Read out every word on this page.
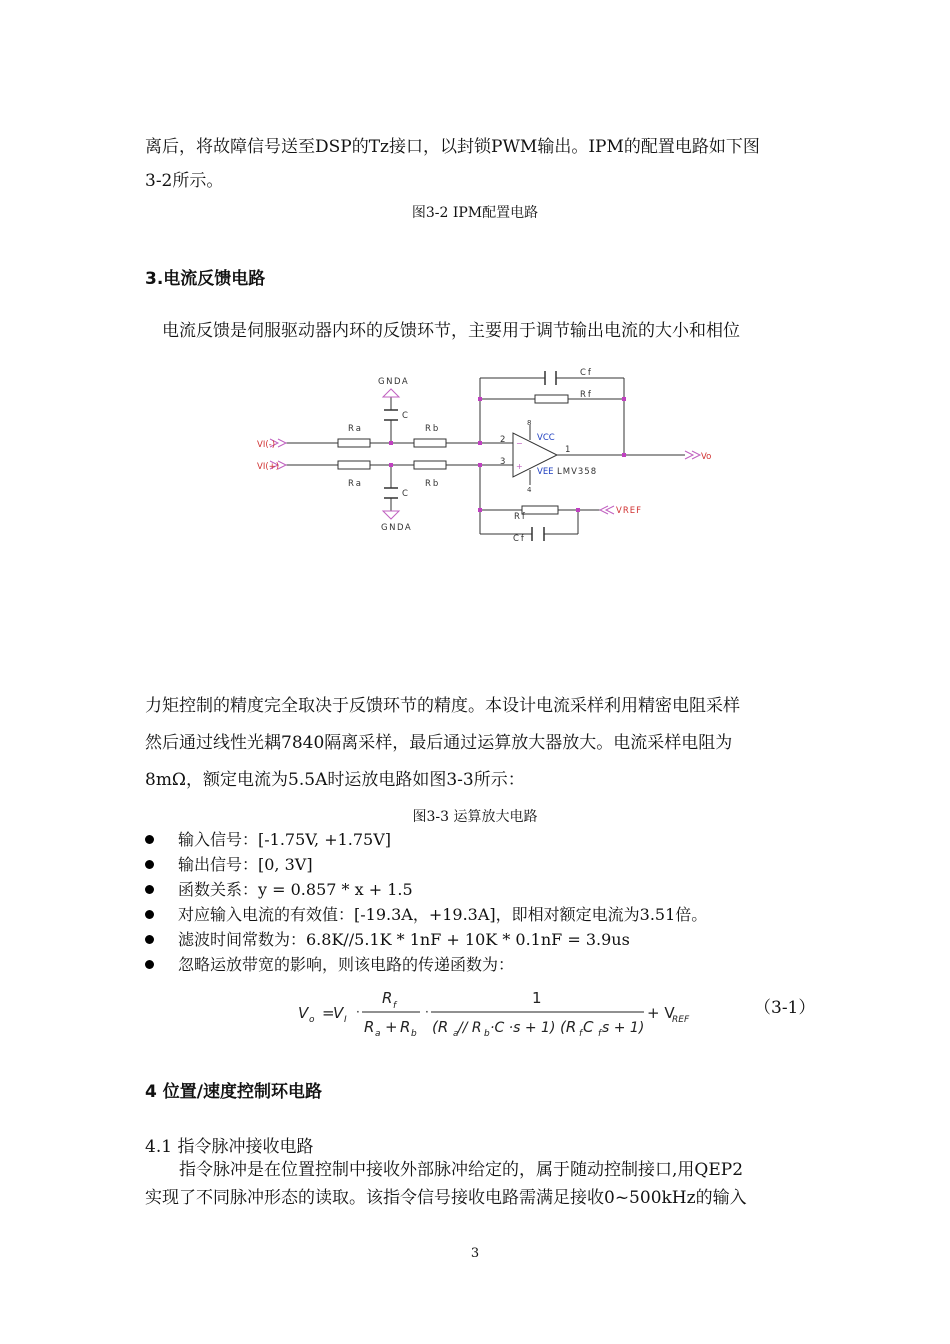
离后，将故障信号送至DSP的Tz接口，以封锁PWM输出。IPM的配置电路如下图
3-2所示。
图3-2 IPM配置电路
3.电流反馈电路
电流反馈是伺服驱动器内环的反馈环节，主要用于调节输出电流的大小和相位
GNDA
GNDA
C
C
Ra	Rb
Ra	Rb
Cf
Rf
Rf
Cf
VI(-)
VI(+)
Vo
VREF
VCC
VEE LMV358
8
2
3
1
4
−
+
力矩控制的精度完全取决于反馈环节的精度。本设计电流采样利用精密电阻采样
然后通过线性光耦7840隔离采样，最后通过运算放大器放大。电流采样电阻为
8mΩ，额定电流为5.5A时运放电路如图3-3所示：
图3-3 运算放大电路
输入信号：[-1.75V, +1.75V]
输出信号：[0, 3V]
函数关系：y = 0.857 * x + 1.5
对应输入电流的有效值：[-19.3A，+19.3A]，即相对额定电流为3.51倍。
滤波时间常数为：6.8K//5.1K * 1nF + 10K * 0.1nF = 3.9us
忽略运放带宽的影响，则该电路的传递函数为：
V o =
V I
·
R f
R a + R b
·
1
(R a // R b ·C ·s + 1) (R f C f s + 1)
+ V
REF
（3-1）
4 位置/速度控制环电路
4.1 指令脉冲接收电路
指令脉冲是在位置控制中接收外部脉冲给定的，属于随动控制接口,用QEP2
实现了不同脉冲形态的读取。该指令信号接收电路需满足接收0~500kHz的输入
3
